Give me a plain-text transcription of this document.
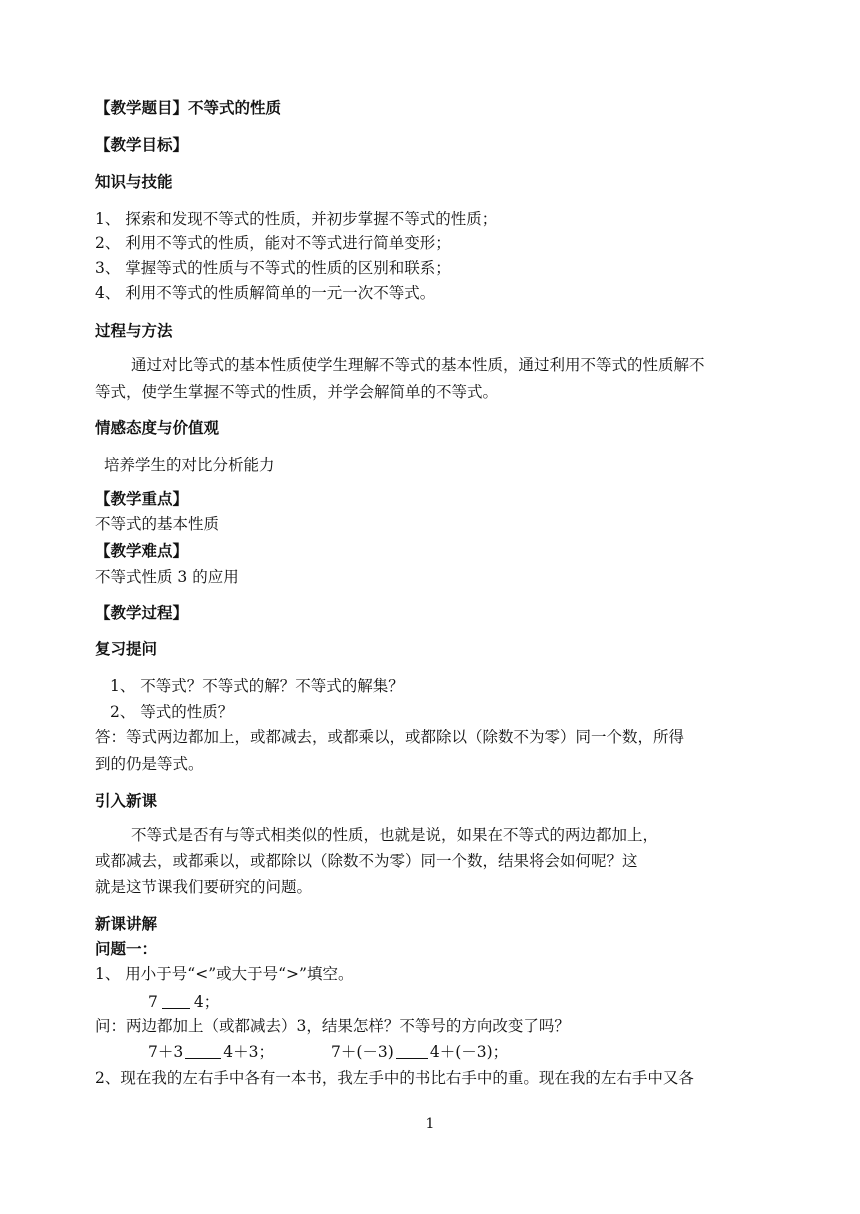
【教学题目】不等式的性质
【教学目标】
知识与技能
1、 探索和发现不等式的性质，并初步掌握不等式的性质；
2、 利用不等式的性质，能对不等式进行简单变形；
3、 掌握等式的性质与不等式的性质的区别和联系；
4、 利用不等式的性质解简单的一元一次不等式。
过程与方法
通过对比等式的基本性质使学生理解不等式的基本性质，通过利用不等式的性质解不
等式，使学生掌握不等式的性质，并学会解简单的不等式。
情感态度与价值观
培养学生的对比分析能力
【教学重点】
不等式的基本性质
【教学难点】
不等式性质 3 的应用
【教学过程】
复习提问
1、 不等式？不等式的解？不等式的解集？
2、 等式的性质？
答：等式两边都加上，或都减去，或都乘以，或都除以（除数不为零）同一个数，所得
到的仍是等式。
引入新课
不等式是否有与等式相类似的性质，也就是说，如果在不等式的两边都加上，
或都减去，或都乘以，或都除以（除数不为零）同一个数，结果将会如何呢？这
就是这节课我们要研究的问题。
新课讲解
问题一：
1、 用小于号“<”或大于号“>”填空。
7 4；
问：两边都加上（或都减去）3，结果怎样？不等号的方向改变了吗？
7＋3	4＋3；	7＋(－3) 4＋(－3)；
2、现在我的左右手中各有一本书，我左手中的书比右手中的重。现在我的左右手中又各
1
